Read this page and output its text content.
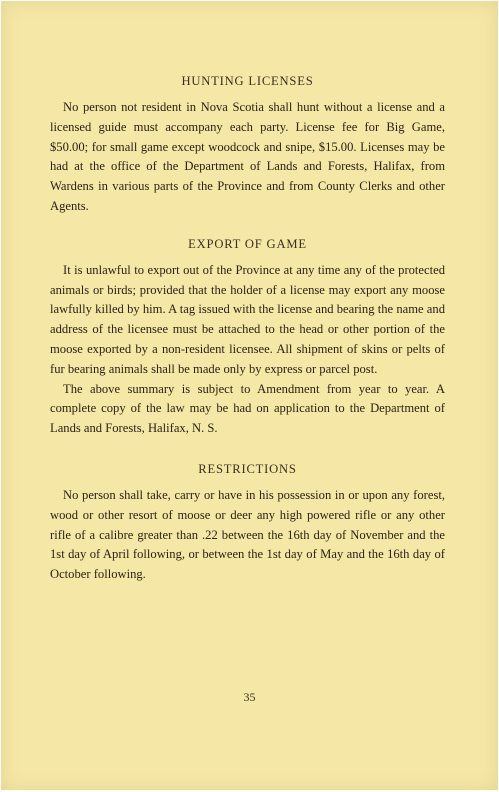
HUNTING LICENSES

No person not resident in Nova Scotia shall hunt without a license and a licensed guide must accompany each party. License fee for Big Game, $50.00; for small game except woodcock and snipe, $15.00. Licenses may be had at the office of the Department of Lands and Forests, Halifax, from Wardens in various parts of the Province and from County Clerks and other Agents.

EXPORT OF GAME

It is unlawful to export out of the Province at any time any of the protected animals or birds; provided that the holder of a license may export any moose lawfully killed by him. A tag issued with the license and bearing the name and address of the licensee must be attached to the head or other portion of the moose exported by a non-resident licensee. All shipment of skins or pelts of fur bearing animals shall be made only by express or parcel post.

The above summary is subject to Amendment from year to year. A complete copy of the law may be had on application to the Department of Lands and Forests, Halifax, N. S.

RESTRICTIONS

No person shall take, carry or have in his possession in or upon any forest, wood or other resort of moose or deer any high powered rifle or any other rifle of a calibre greater than .22 between the 16th day of November and the 1st day of April following, or between the 1st day of May and the 16th day of October following.

35
